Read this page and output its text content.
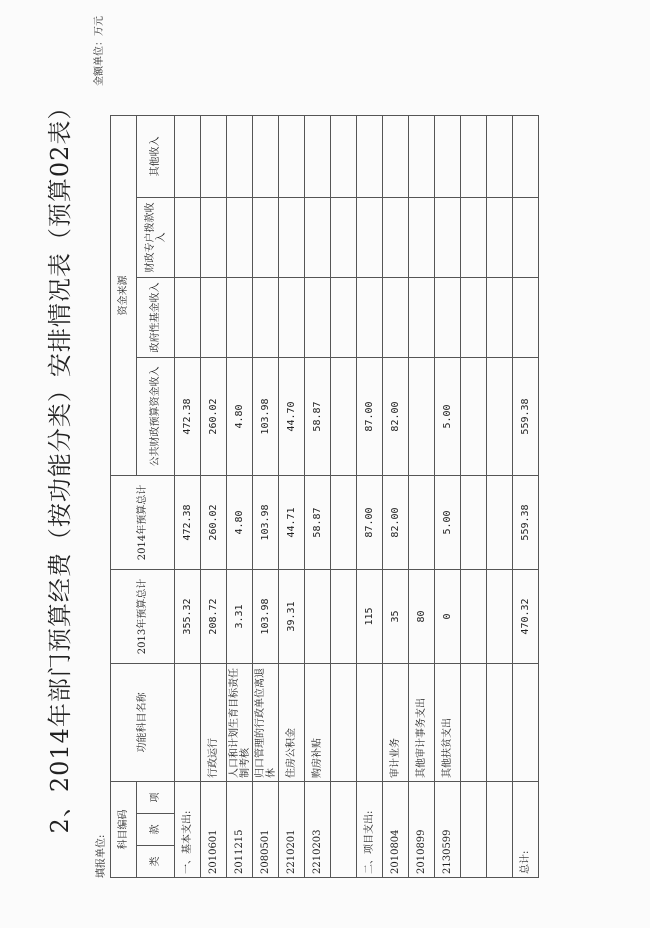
2、2014年部门预算经费（按功能分类）安排情况表（预算02表）
填报单位:
金额单位：万元
科目编码			功能科目名称	2013年预算总计	2014年预算总计	资金来源			
类	款	项				公共财政预算资金收入	政府性基金收入	财政专户拨款收入	其他收入

一、基本支出:				355.32	472.38	472.38			
2010601			行政运行	208.72	260.02	260.02			
2011215			人口和计划生育目标责任制考核	3.31	4.80	4.80			
2080501			归口管理的行政单位离退休	103.98	103.98	103.98			
2210201			住房公积金	39.31	44.71	44.70			
2210203			购房补贴		58.87	58.87			

二、项目支出:				115	87.00	87.00			
2010804			审计业务	35	82.00	82.00			
2010899			其他审计事务支出	80					
2130599			其他扶贫支出	0	5.00	5.00			

总计:				470.32	559.38	559.38			
